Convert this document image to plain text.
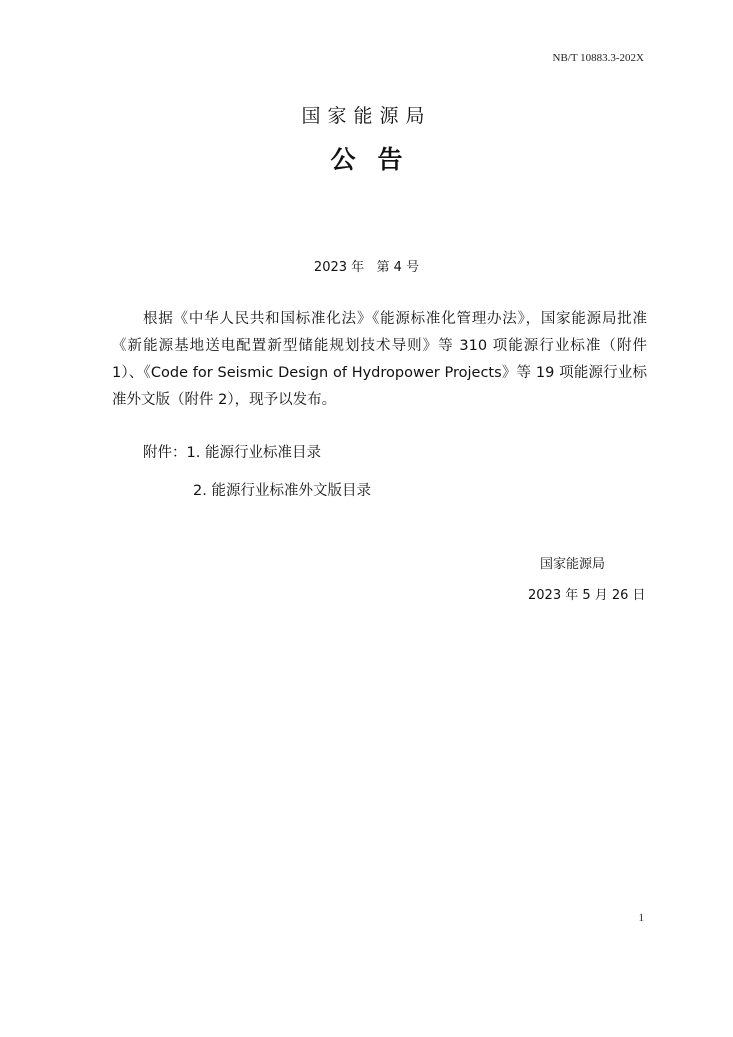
NB/T 10883.3-202X
国家能源局
公告
2023 年   第 4 号

根据《中华人民共和国标准化法》《能源标准化管理办法》，国家能源局批准《新能源基地送电配置新型储能规划技术导则》等 310 项能源行业标准（附件 1）、《Code for Seismic Design of Hydropower Projects》等 19 项能源行业标准外文版（附件 2），现予以发布。

附件：1. 能源行业标准目录
2. 能源行业标准外文版目录
国家能源局
2023 年 5 月 26 日
1
